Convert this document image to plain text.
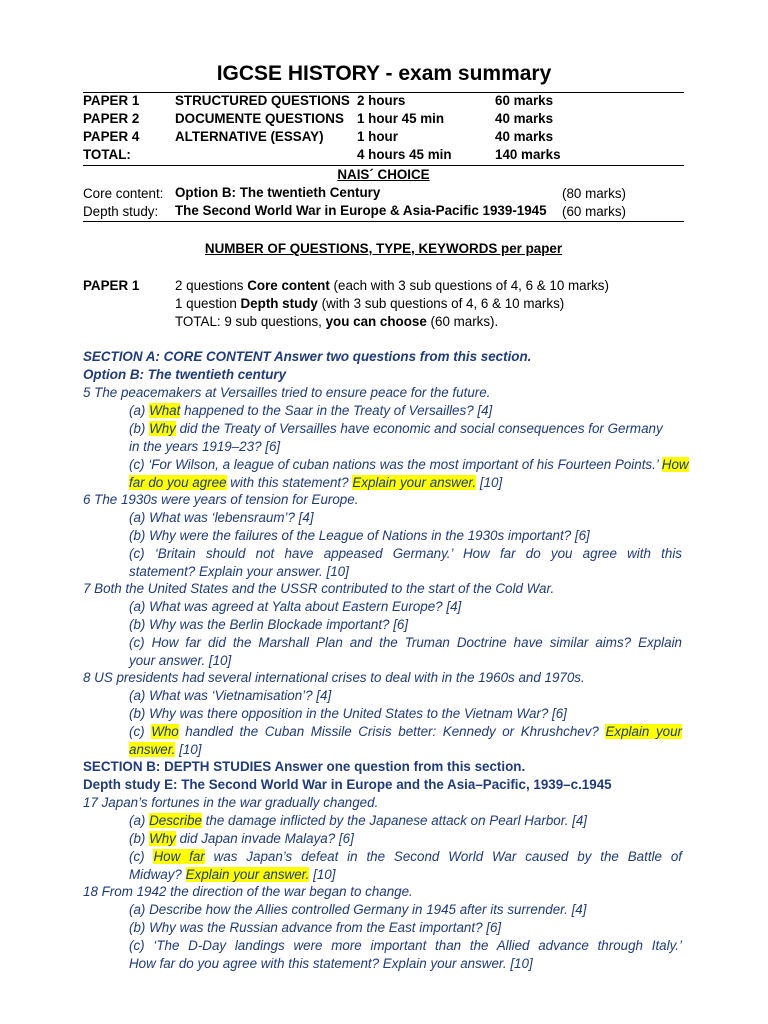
IGCSE HISTORY - exam summary
PAPER 1	STRUCTURED QUESTIONS 2 hours	60 marks
PAPER 2	DOCUMENTE QUESTIONS 1 hour 45 min	40 marks
PAPER 4	ALTERNATIVE (ESSAY) 1 hour	40 marks
TOTAL:	4 hours 45 min	140 marks
NAIS´ CHOICE
Core content: Option B: The twentieth Century	(80 marks)
Depth study: The Second World War in Europe & Asia-Pacific 1939-1945 (60 marks)
NUMBER OF QUESTIONS, TYPE, KEYWORDS per paper
PAPER 1	2 questions Core content (each with 3 sub questions of 4, 6 & 10 marks)
1 question Depth study (with 3 sub questions of 4, 6 & 10 marks)
TOTAL: 9 sub questions, you can choose (60 marks).
SECTION A: CORE CONTENT Answer two questions from this section.
Option B: The twentieth century
5 The peacemakers at Versailles tried to ensure peace for the future.
(a) What happened to the Saar in the Treaty of Versailles? [4]
(b) Why did the Treaty of Versailles have economic and social consequences for Germany
in the years 1919–23? [6]
(c) ‘For Wilson, a league of cuban nations was the most important of his Fourteen Points.’ How
far do you agree with this statement? Explain your answer. [10]
6 The 1930s were years of tension for Europe.
(a) What was ‘lebensraum’? [4]
(b) Why were the failures of the League of Nations in the 1930s important? [6]
(c) ‘Britain should not have appeased Germany.’ How far do you agree with this
statement? Explain your answer. [10]
7 Both the United States and the USSR contributed to the start of the Cold War.
(a) What was agreed at Yalta about Eastern Europe? [4]
(b) Why was the Berlin Blockade important? [6]
(c) How far did the Marshall Plan and the Truman Doctrine have similar aims? Explain
your answer. [10]
8 US presidents had several international crises to deal with in the 1960s and 1970s.
(a) What was ‘Vietnamisation’? [4]
(b) Why was there opposition in the United States to the Vietnam War? [6]
(c) Who handled the Cuban Missile Crisis better: Kennedy or Khrushchev? Explain your
answer. [10]
SECTION B: DEPTH STUDIES Answer one question from this section.
Depth study E: The Second World War in Europe and the Asia–Pacific, 1939–c.1945
17 Japan’s fortunes in the war gradually changed.
(a) Describe the damage inflicted by the Japanese attack on Pearl Harbor. [4]
(b) Why did Japan invade Malaya? [6]
(c) How far was Japan’s defeat in the Second World War caused by the Battle of
Midway? Explain your answer. [10]
18 From 1942 the direction of the war began to change.
(a) Describe how the Allies controlled Germany in 1945 after its surrender. [4]
(b) Why was the Russian advance from the East important? [6]
(c) ‘The D-Day landings were more important than the Allied advance through Italy.’
How far do you agree with this statement? Explain your answer. [10]
